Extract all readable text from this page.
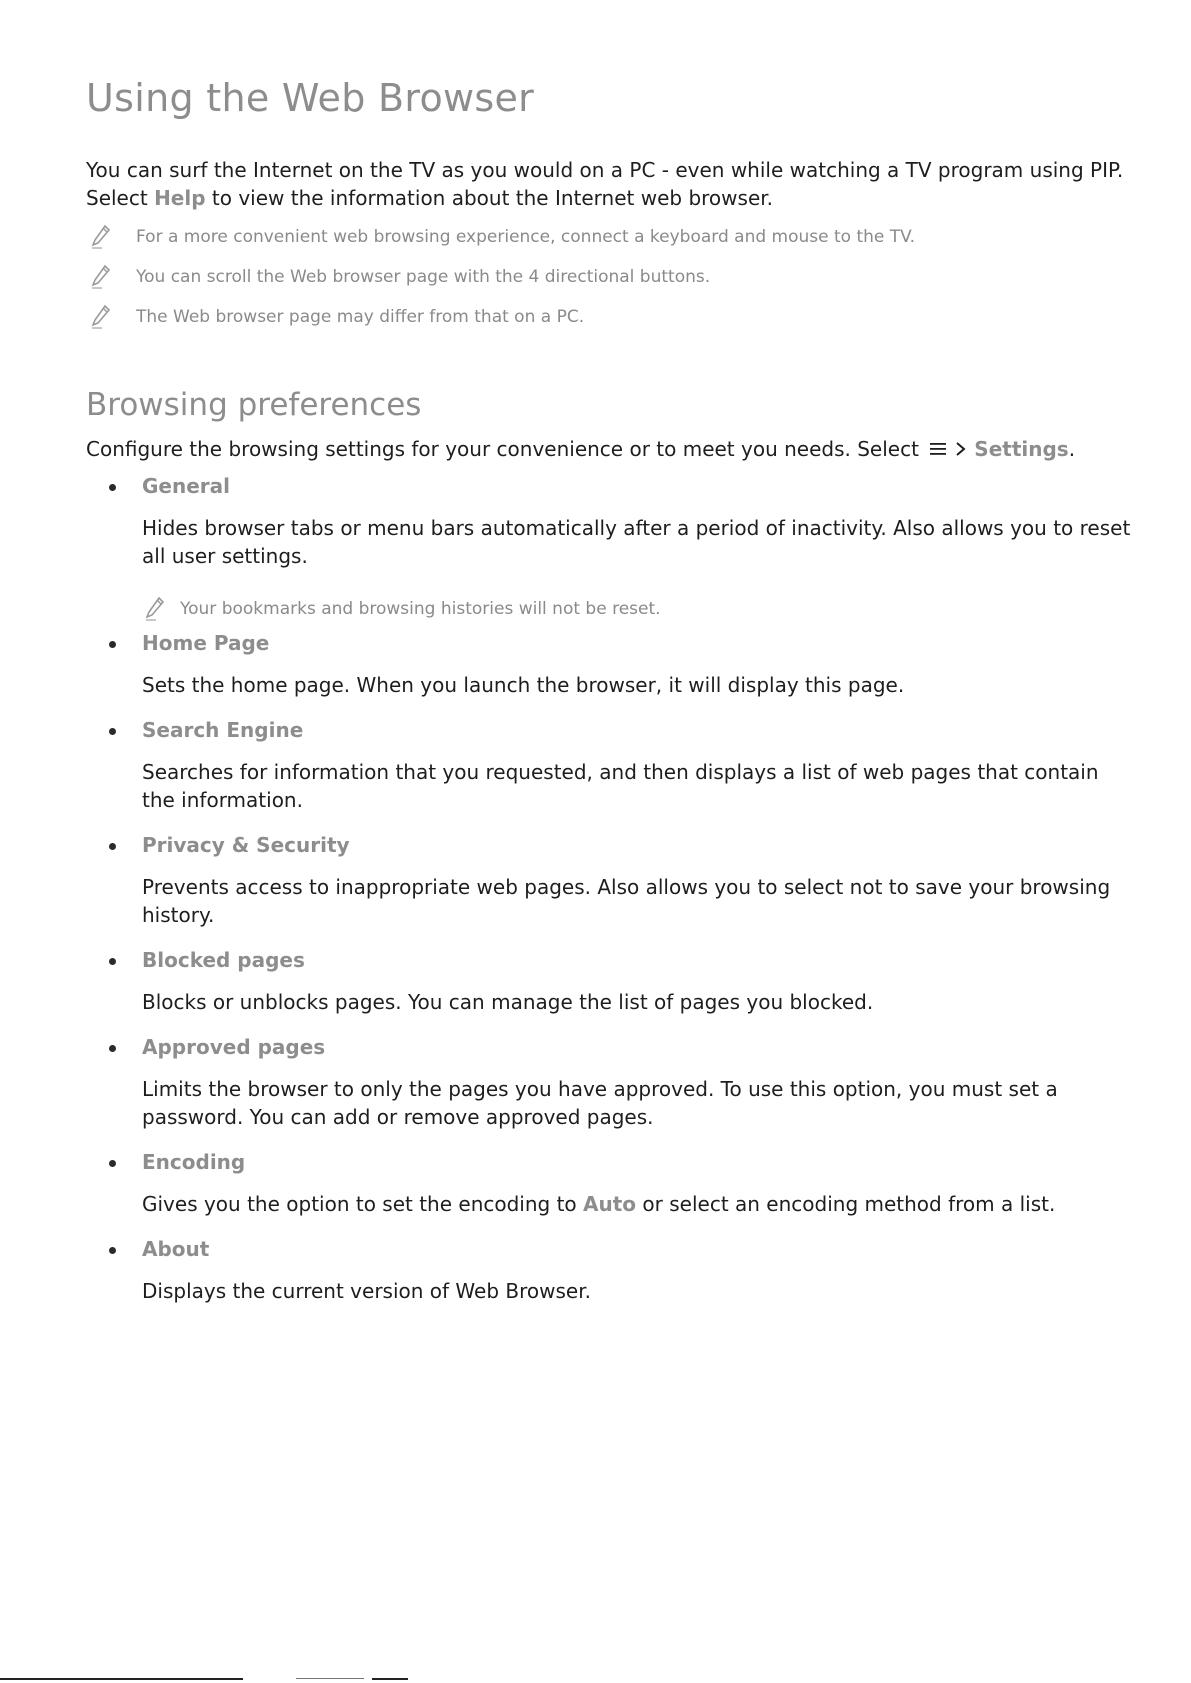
Using the Web Browser

You can surf the Internet on the TV as you would on a PC - even while watching a TV program using PIP. Select Help to view the information about the Internet web browser.

For a more convenient web browsing experience, connect a keyboard and mouse to the TV.
You can scroll the Web browser page with the 4 directional buttons.
The Web browser page may differ from that on a PC.
Browsing preferences

Configure the browsing settings for your convenience or to meet you needs. Select	Settings.

General

Hides browser tabs or menu bars automatically after a period of inactivity. Also allows you to reset all user settings.

Your bookmarks and browsing histories will not be reset.
Home Page

Sets the home page. When you launch the browser, it will display this page.

Search Engine

Searches for information that you requested, and then displays a list of web pages that contain the information.

Privacy & Security

Prevents access to inappropriate web pages. Also allows you to select not to save your browsing history.

Blocked pages

Blocks or unblocks pages. You can manage the list of pages you blocked.

Approved pages

Limits the browser to only the pages you have approved. To use this option, you must set a password. You can add or remove approved pages.

Encoding

Gives you the option to set the encoding to Auto or select an encoding method from a list.

About

Displays the current version of Web Browser.
